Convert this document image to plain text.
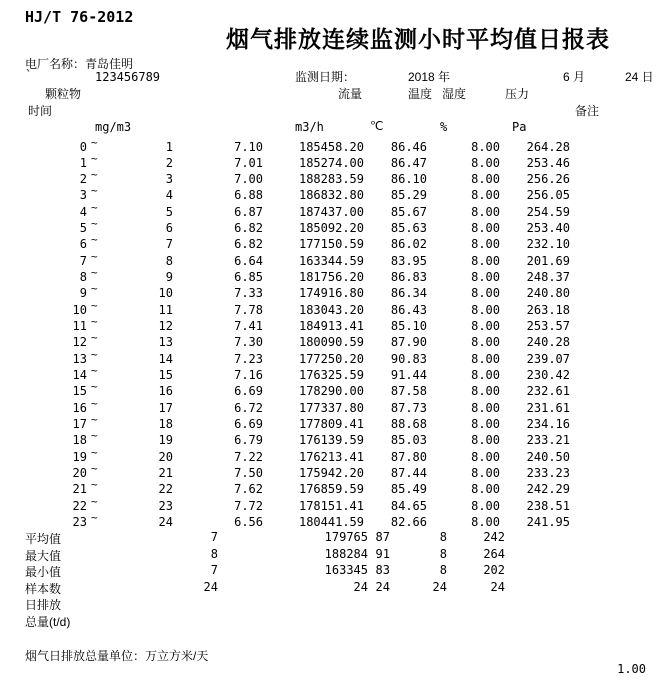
HJ/T 76-2012
烟气排放连续监测小时平均值日报表
电厂名称：青岛佳明
`	123456789	监测日期：	2018 年	6 月	24 日
颗粒物	流量	温度 湿度	压力
时间	备注
mg/m3	m3/h	℃	%	Pa
0 ~	1	7.10	185458.20 86.46	8.00 264.28
1 ~	2	7.01	185274.00 86.47	8.00 253.46
2 ~	3	7.00	188283.59 86.10	8.00 256.26
3 ~	4	6.88	186832.80 85.29	8.00 256.05
4 ~	5	6.87	187437.00 85.67	8.00 254.59
5 ~	6	6.82	185092.20 85.63	8.00 253.40
6 ~	7	6.82	177150.59 86.02	8.00 232.10
7 ~	8	6.64	163344.59 83.95	8.00 201.69
8 ~	9	6.85	181756.20 86.83	8.00 248.37
9 ~	10	7.33	174916.80 86.34	8.00 240.80
10 ~	11	7.78	183043.20 86.43	8.00 263.18
11 ~	12	7.41	184913.41 85.10	8.00 253.57
12 ~	13	7.30	180090.59 87.90	8.00 240.28
13 ~	14	7.23	177250.20 90.83	8.00 239.07
14 ~	15	7.16	176325.59 91.44	8.00 230.42
15 ~	16	6.69	178290.00 87.58	8.00 232.61
16 ~	17	6.72	177337.80 87.73	8.00 231.61
17 ~	18	6.69	177809.41 88.68	8.00 234.16
18 ~	19	6.79	176139.59 85.03	8.00 233.21
19 ~	20	7.22	176213.41 87.80	8.00 240.50
20 ~	21	7.50	175942.20 87.44	8.00 233.23
21 ~	22	7.62	176859.59 85.49	8.00 242.29
22 ~	23	7.72	178151.41 84.65	8.00 238.51
23 ~	24	6.56	180441.59 82.66	8.00 241.95
平均值	7	179765 87	8	242
最大值	8	188284 91	8	264
最小值	7	163345 83	8	202
样本数	24	24 24	24	24
日排放
总量(t/d)
烟气日排放总量单位：万立方米/天
1.00
